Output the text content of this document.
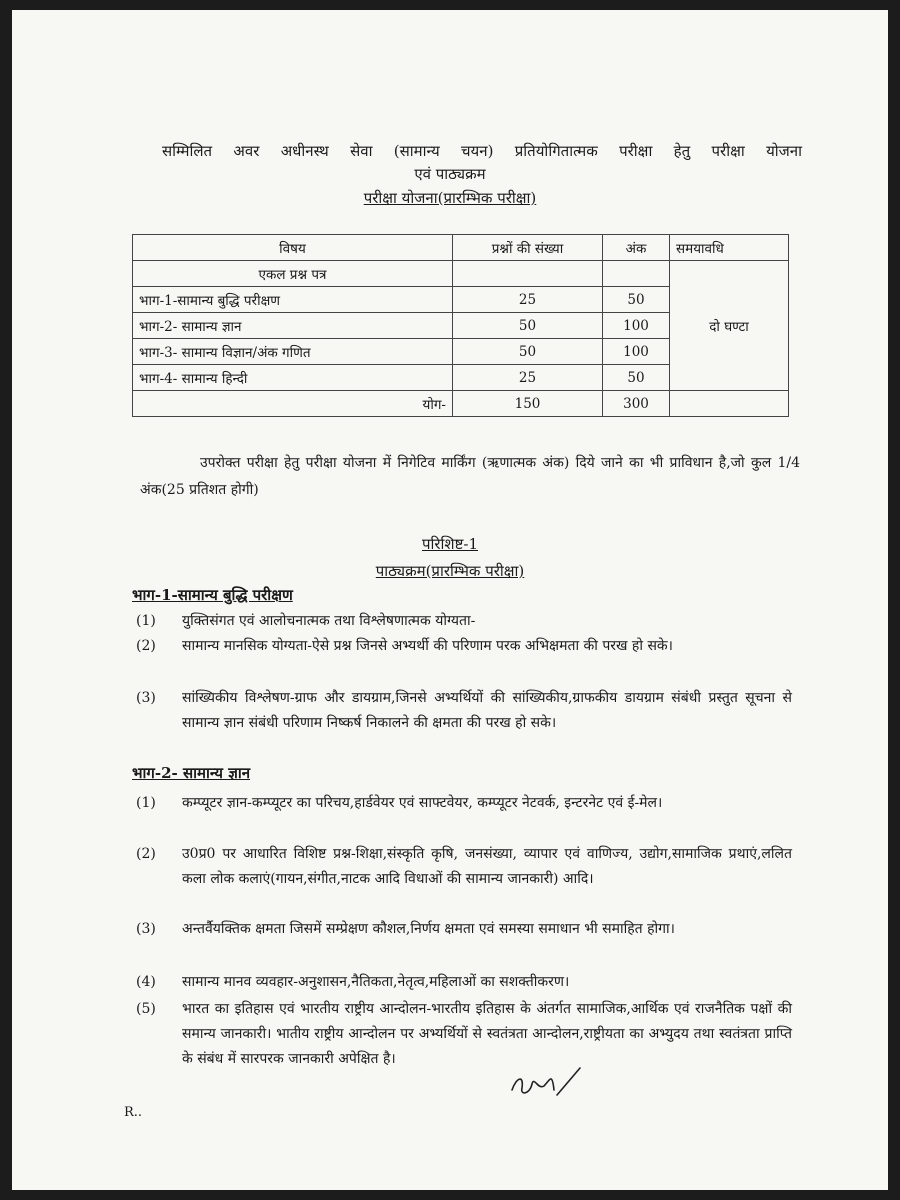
सम्मिलित अवर अधीनस्थ सेवा (सामान्य चयन) प्रतियोगितात्मक परीक्षा हेतु परीक्षा योजना
एवं पाठ्यक्रम
परीक्षा योजना(प्रारम्भिक परीक्षा)
विषय	प्रश्नों की संख्या	अंक	समयावधि
एकल प्रश्न पत्र			दो घण्टा
भाग-1-सामान्य बुद्धि परीक्षण	25	50	
भाग-2- सामान्य ज्ञान	50	100	
भाग-3- सामान्य विज्ञान/अंक गणित	50	100	
भाग-4- सामान्य हिन्दी	25	50	
योग-	150	300	
उपरोक्त परीक्षा हेतु परीक्षा योजना में निगेटिव मार्किंग (ऋणात्मक अंक) दिये जाने का भी प्राविधान है,जो कुल 1/4 अंक(25 प्रतिशत होगी)
परिशिष्ट-1
पाठ्यक्रम(प्रारम्भिक परीक्षा)
भाग-1-सामान्य बुद्धि परीक्षण
(1) युक्तिसंगत एवं आलोचनात्मक तथा विश्लेषणात्मक योग्यता-
(2) सामान्य मानसिक योग्यता-ऐसे प्रश्न जिनसे अभ्यर्थी की परिणाम परक अभिक्षमता की परख हो सके।
(3) सांख्यिकीय विश्लेषण-ग्राफ और डायग्राम,जिनसे अभ्यर्थियों की सांख्यिकीय,ग्राफकीय डायग्राम संबंधी प्रस्तुत सूचना से सामान्य ज्ञान संबंधी परिणाम निष्कर्ष निकालने की क्षमता की परख हो सके।
भाग-2- सामान्य ज्ञान
(1) कम्प्यूटर ज्ञान-कम्प्यूटर का परिचय,हार्डवेयर एवं साफ्टवेयर, कम्प्यूटर नेटवर्क, इन्टरनेट एवं ई-मेल।
(2) उ0प्र0 पर आधारित विशिष्ट प्रश्न-शिक्षा,संस्कृति कृषि, जनसंख्या, व्यापार एवं वाणिज्य, उद्योग,सामाजिक प्रथाएं,ललित कला लोक कलाएं(गायन,संगीत,नाटक आदि विधाओं की सामान्य जानकारी) आदि।
(3) अन्तर्वैयक्तिक क्षमता जिसमें सम्प्रेक्षण कौशल,निर्णय क्षमता एवं समस्या समाधान भी समाहित होगा।
(4) सामान्य मानव व्यवहार-अनुशासन,नैतिकता,नेतृत्व,महिलाओं का सशक्तीकरण।
(5) भारत का इतिहास एवं भारतीय राष्ट्रीय आन्दोलन-भारतीय इतिहास के अंतर्गत सामाजिक,आर्थिक एवं राजनैतिक पक्षों की समान्य जानकारी। भातीय राष्ट्रीय आन्दोलन पर अभ्यर्थियों से स्वतंत्रता आन्दोलन,राष्ट्रीयता का अभ्युदय तथा स्वतंत्रता प्राप्ति के संबंध में सारपरक जानकारी अपेक्षित है।
R..
